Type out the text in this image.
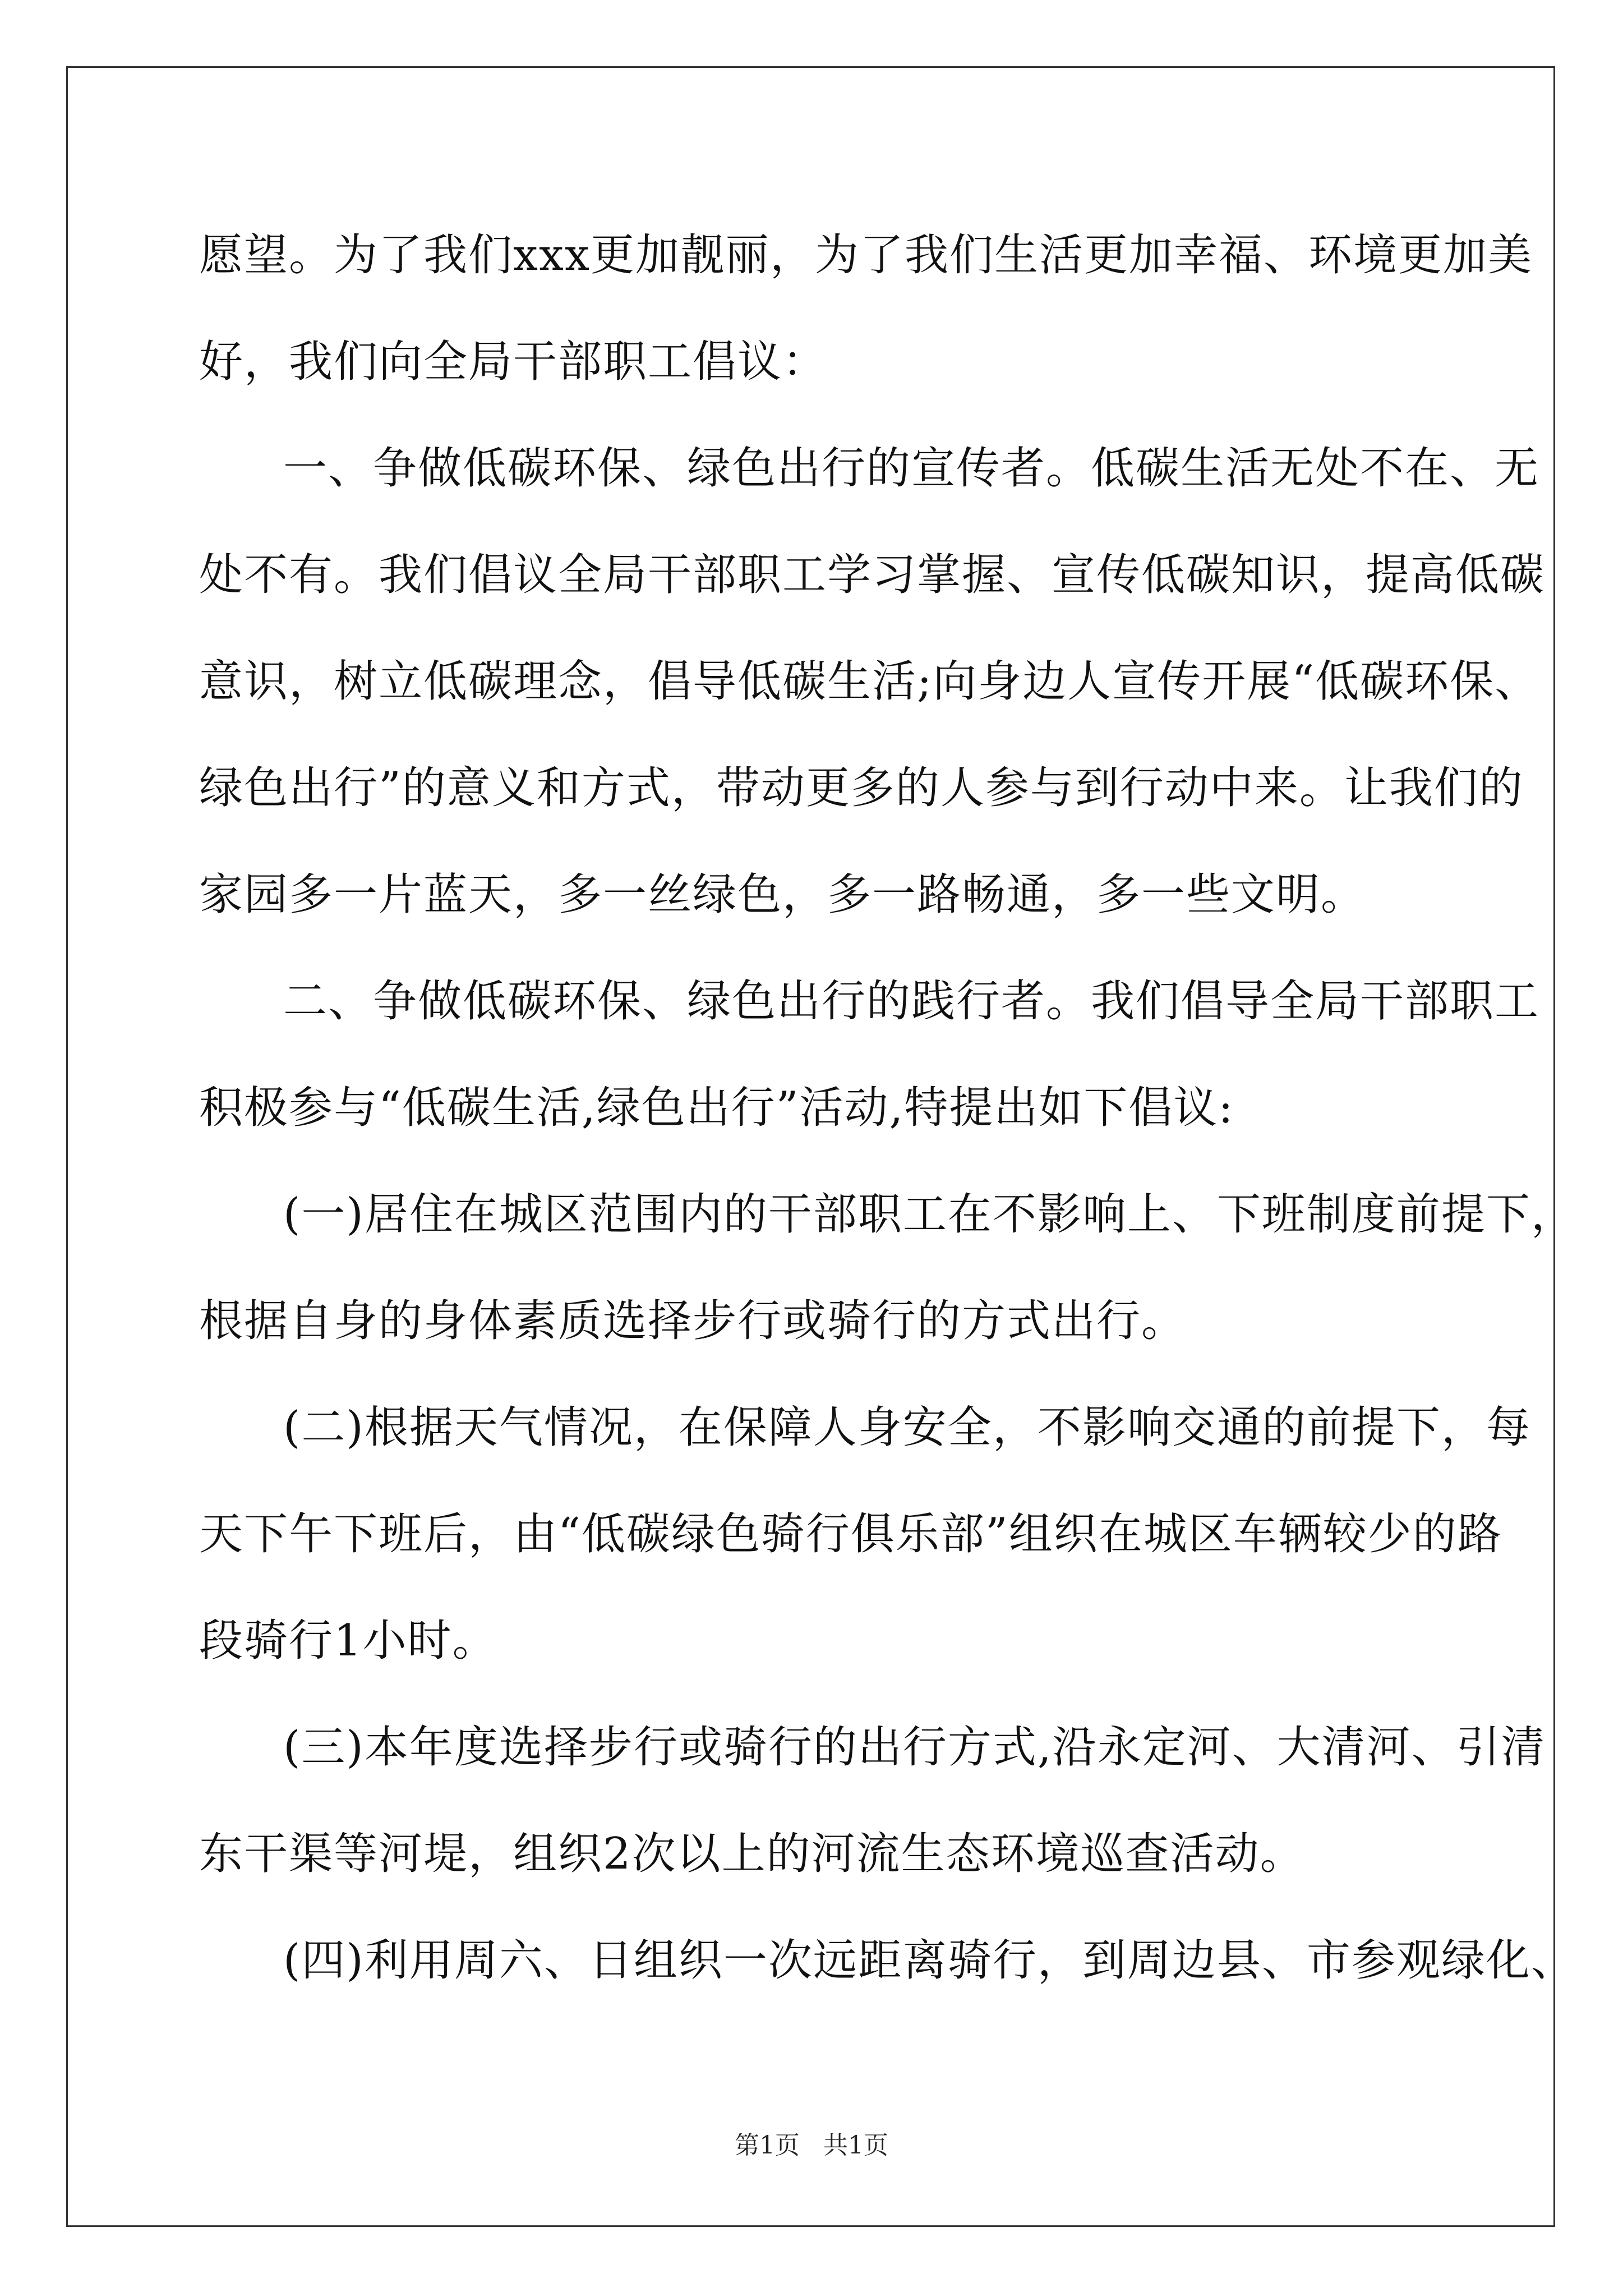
愿望。为了我们xxx更加靓丽，为了我们生活更加幸福、环境更加美
好，我们向全局干部职工倡议：
一、争做低碳环保、绿色出行的宣传者。低碳生活无处不在、无
处不有。我们倡议全局干部职工学习掌握、宣传低碳知识，提高低碳
意识，树立低碳理念，倡导低碳生活;向身边人宣传开展“低碳环保、
绿色出行”的意义和方式，带动更多的人参与到行动中来。让我们的
家园多一片蓝天，多一丝绿色，多一路畅通，多一些文明。
二、争做低碳环保、绿色出行的践行者。我们倡导全局干部职工
积极参与“低碳生活,绿色出行”活动,特提出如下倡议:
(一)居住在城区范围内的干部职工在不影响上、下班制度前提下，
根据自身的身体素质选择步行或骑行的方式出行。
(二)根据天气情况，在保障人身安全，不影响交通的前提下，每
天下午下班后，由“低碳绿色骑行俱乐部”组织在城区车辆较少的路
段骑行1小时。
(三)本年度选择步行或骑行的出行方式,沿永定河、大清河、引清
东干渠等河堤，组织2次以上的河流生态环境巡查活动。
(四)利用周六、日组织一次远距离骑行，到周边县、市参观绿化、
第1页 共1页
